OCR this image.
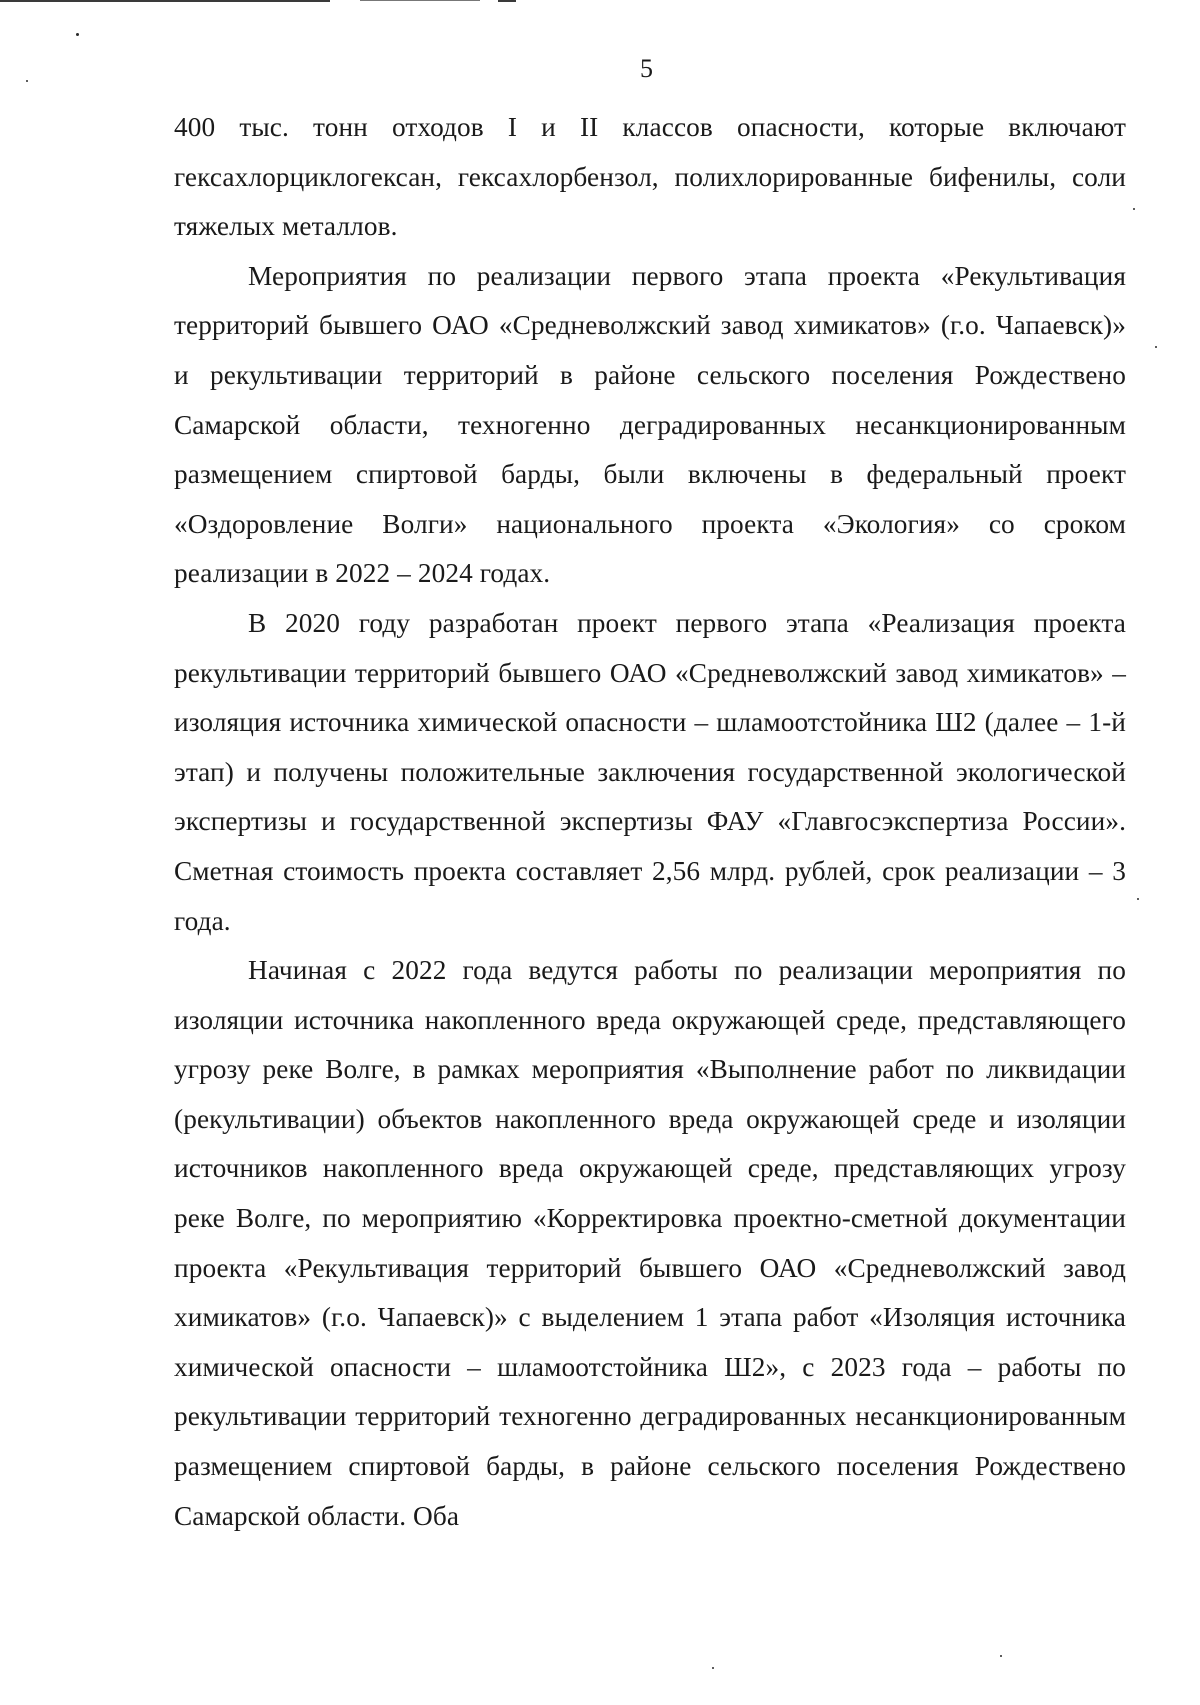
5

400 тыс. тонн отходов I и II классов опасности, которые включают гексахлорциклогексан, гексахлорбензол, полихлорированные бифенилы, соли тяжелых металлов.

Мероприятия по реализации первого этапа проекта «Рекультивация территорий бывшего ОАО «Средневолжский завод химикатов» (г.о. Чапаевск)» и рекультивации территорий в районе сельского поселения Рождествено Самарской области, техногенно деградированных несанкционированным размещением спиртовой барды, были включены в федеральный проект «Оздоровление Волги» национального проекта «Экология» со сроком реализации в 2022 – 2024 годах.

В 2020 году разработан проект первого этапа «Реализация проекта рекультивации территорий бывшего ОАО «Средневолжский завод химикатов» – изоляция источника химической опасности – шламоотстойника Ш2 (далее – 1-й этап) и получены положительные заключения государственной экологической экспертизы и государственной экспертизы ФАУ «Главгосэкспертиза России». Сметная стоимость проекта составляет 2,56 млрд. рублей, срок реализации – 3 года.

Начиная с 2022 года ведутся работы по реализации мероприятия по изоляции источника накопленного вреда окружающей среде, представляющего угрозу реке Волге, в рамках мероприятия «Выполнение работ по ликвидации (рекультивации) объектов накопленного вреда окружающей среде и изоляции источников накопленного вреда окружающей среде, представляющих угрозу реке Волге, по мероприятию «Корректировка проектно-сметной документации проекта «Рекультивация территорий бывшего ОАО «Средневолжский завод химикатов» (г.о. Чапаевск)» с выделением 1 этапа работ «Изоляция источника химической опасности – шламоотстойника Ш2», с 2023 года – работы по рекультивации территорий техногенно деградированных несанкционированным размещением спиртовой барды, в районе сельского поселения Рождествено Самарской области. Оба
